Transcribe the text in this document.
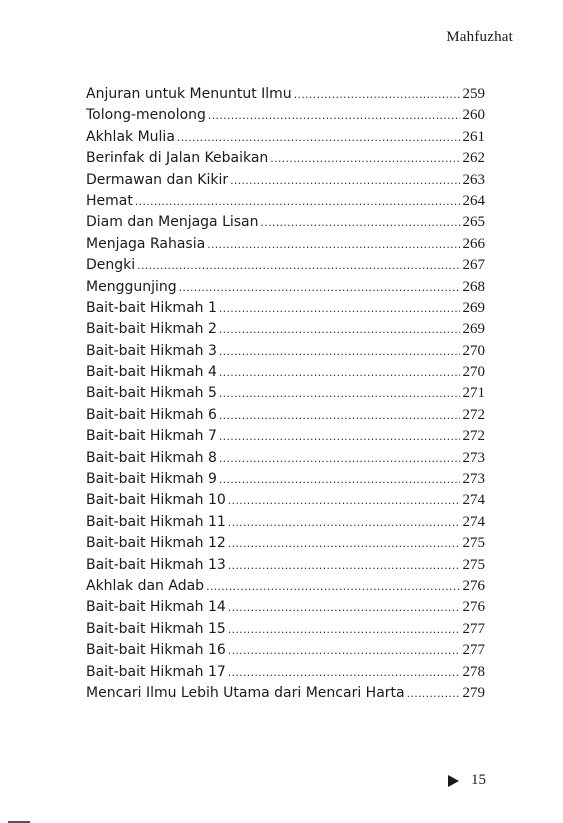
Mahfuzhat
Anjuran untuk Menuntut Ilmu .....	259
Tolong-menolong .....	260
Akhlak Mulia .....	261
Berinfak di Jalan Kebaikan .....	262
Dermawan dan Kikir .....	263
Hemat .....	264
Diam dan Menjaga Lisan .....	265
Menjaga Rahasia .....	266
Dengki .....	267
Menggunjing .....	268
Bait-bait Hikmah 1 .....	269
Bait-bait Hikmah 2 .....	269
Bait-bait Hikmah 3 .....	270
Bait-bait Hikmah 4 .....	270
Bait-bait Hikmah 5 .....	271
Bait-bait Hikmah 6 .....	272
Bait-bait Hikmah 7 .....	272
Bait-bait Hikmah 8 .....	273
Bait-bait Hikmah 9 .....	273
Bait-bait Hikmah 10 .....	274
Bait-bait Hikmah 11 .....	274
Bait-bait Hikmah 12 .....	275
Bait-bait Hikmah 13 .....	275
Akhlak dan Adab .....	276
Bait-bait Hikmah 14 .....	276
Bait-bait Hikmah 15 .....	277
Bait-bait Hikmah 16 .....	277
Bait-bait Hikmah 17 .....	278
Mencari Ilmu Lebih Utama dari Mencari Harta .....	279
15
